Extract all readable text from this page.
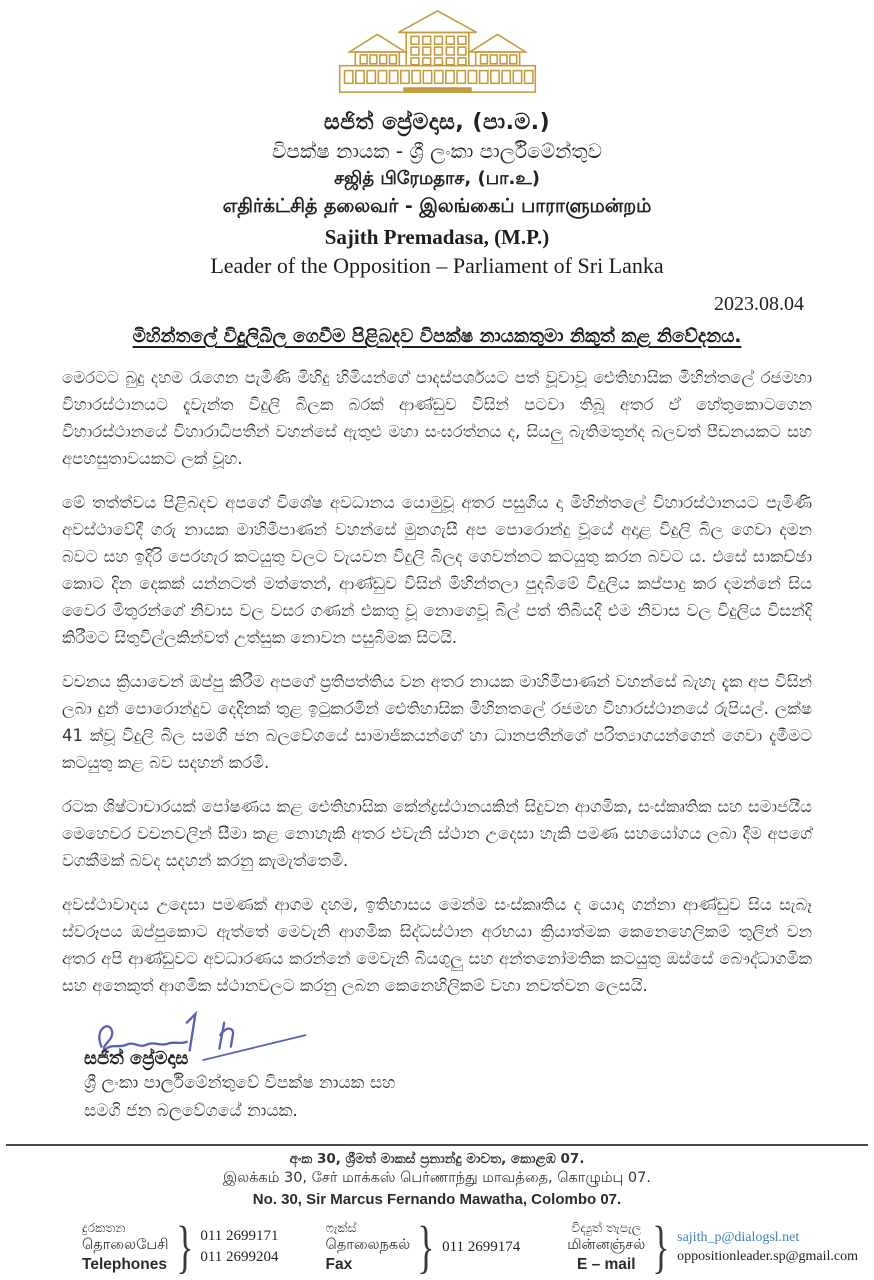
සජිත් ප්‍රේමදාස, (පා.ම.)
විපක්ෂ නායක - ශ්‍රී ලංකා පාර්ලිමේන්තුව
சஜித் பிரேமதாச, (பா.உ)
எதிர்க்ட்சித் தலைவர் - இலங்கைப் பாராளுமன்றம்
Sajith Premadasa, (M.P.)
Leader of the Opposition – Parliament of Sri Lanka
2023.08.04
මිහින්තලේ විදුලිබිල ගෙවීම පිළිබදව විපක්ෂ නායකතුමා නිකුත් කළ නිවේදනය.

මෙරටට බුදු දහම රැගෙන පැමිණි මිහිදු හිමියන්ගේ පාදස්පර්ශයට පත් වූවාවූ ඓතිහාසික මිහින්තලේ රජමහා විහාරස්ථානයට දැවැන්ත විදුලි බිලක බරක් ආණ්ඩුව විසින් පටවා තිබූ අතර ඒ හේතුකොටගෙන විහාරස්ථානයේ විහාරාධිපතීන් වහන්සේ ඇතුළු මහා සංඝරත්නය ද, සියලු බැතිමතුන්ද බලවත් පීඩනයකට සහ අපහසුතාවයකට ලක් වූහ.

මේ තත්ත්වය පිළිබදව අපගේ විශේෂ අවධානය යොමුවූ අතර පසුගිය දා මිහින්තලේ විහාරස්ථානයට පැමිණි අවස්ථාවේදී ගරු නායක මාහිමිපාණන් වහන්සේ මුනගැසී අප පොරොන්දු වූයේ අදාළ විදුලි බිල ගෙවා දමන බවට සහ ඉදිරි පෙරහැර කටයුතු වලට වැයවන විදුලි බිලද ගෙවන්නට කටයුතු කරන බවට ය. එසේ සාකච්ඡා කොට දින දෙකක් යන්නටත් මත්තෙන්, ආණ්ඩුව විසින් මිහින්තලා පුදබිමේ විදුලිය කප්පාදු කර දමන්නේ සිය වෛර මිතුරන්ගේ නිවාස වල වසර ගණන් එකතු වූ නොගෙවූ බිල් පත් තිබියදී එම නිවාස වල විදුලිය විසන්දි කිරීමට සිතුවිල්ලකින්වත් උත්සුක නොවන පසුබිමක සිටයි.

වචනය ක්‍රියාවෙන් ඔප්පු කිරීම අපගේ ප්‍රතිපත්තිය වන අතර නායක මාහිමිපාණන් වහන්සේ බැහැ දැක අප විසින් ලබා දුන් පොරොන්දුව දෙදිනක් තුළ ඉටුකරමින් ඓතිහාසික මිහිනතලේ රජමහ විහාරස්ථානයේ රුපියල්. ලක්ෂ 41 ක්වූ විදුලි බිල සමගි ජන බලවේගයේ සාමාජිකයන්ගේ හා ධානපතීන්ගේ පරිත්‍යාගයන්ගෙන් ගෙවා දැමීමට කටයුතු කළ බව සදහන් කරමි.

රටක ශිෂ්ටාචාරයක් පෝෂණය කළ ඓතිහාසික කේන්ද්‍රස්ථානයකින් සිදුවන ආගමික, සංස්කෘතික සහ සමාජයීය මෙහෙවර වචනවලින් සීමා කළ නොහැකි අතර එවැනි ස්ථාන උදෙසා හැකි පමණ සහයෝගය ලබා දීම අපගේ වගකීමක් බවද සදහන් කරනු කැමැත්තෙමි.

අවස්ථාවාදය උදෙසා පමණක් ආගම දහම, ඉතිහාසය මෙන්ම සංස්කෘතිය ද යොදා ගන්නා ආණ්ඩුව සිය සැබෑ ස්වරූපය ඔප්පුකොට ඇත්තේ මෙවැනි ආගමික සිද්ධස්ථාන අරභයා ක්‍රියාත්මක කෙනෙහෙලිකම් තුලින් වන අතර අපි ආණ්ඩුවට අවධාරණය කරන්නේ මෙවැනි බියගුලු සහ අන්තනෝමතික කටයුතු ඔස්සේ බෞද්ධාගමික සහ අනෙකුත් ආගමික ස්ථානවලට කරනු ලබන කෙනෙහිලිකම් වහා නවත්වන ලෙසයි.

සජිත් ප්‍රේමදාස
ශ්‍රී ලංකා පාර්ලිමේන්තුවේ විපක්ෂ නායක සහ
සමගි ජන බලවේගයේ නායක.
අංක 30, ශ්‍රීමත් මාකස් ප්‍රනාන්දු මාවත, කොළඹ 07.
இலக்கம் 30, சேர் மாக்கஸ் பெர்ணாந்து மாவத்தை, கொழும்பு 07.
No. 30, Sir Marcus Fernando Mawatha, Colombo 07.
දුරකතන
தொலைபேசி
Telephones } 011 2699171
011 2699204
ෆැක්ස්
தொலைநகல்
Fax	} 011 2699174
විද්‍යුත් තැපැල
மின்னஞ்சல்
E – mail } sajith_p@dialogsl.net
oppositionleader.sp@gmail.com
